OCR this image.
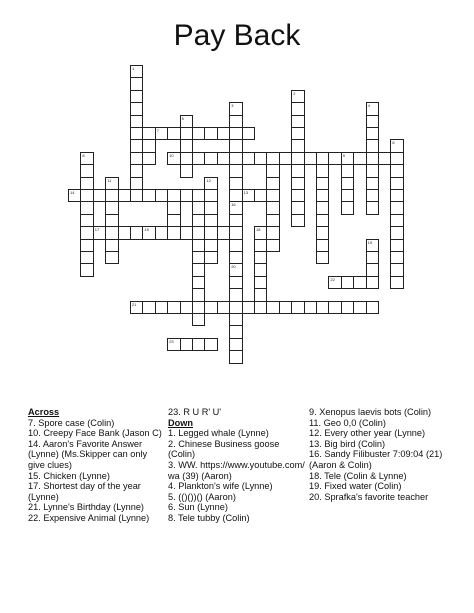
Pay Back
1
2
3
16
20
4
5
6
7
8	9
10
11	12
13
14
15
17	18
19
21
22
23
Across
7. Spore case (Colin)
10. Creepy Face Bank (Jason C)
14. Aaron's Favorite Answer (Lynne) (Ms.Skipper can only give clues)
15. Chicken (Lynne)
17. Shortest day of the year (Lynne)
21. Lynne's Birthday (Lynne)
22. Expensive Animal (Lynne)
23. R U R' U'
Down
1. Legged whale (Lynne)
2. Chinese Business goose (Colin)
3. WW. https://www.youtube.com/wa (39) (Aaron)
4. Plankton's wife (Lynne)
5. (()())() (Aaron)
6. Sun (Lynne)
8. Tele tubby (Colin)
9. Xenopus laevis bots (Colin)
11. Geo 0,0 (Colin)
12. Every other year (Lynne)
13. Big bird (Colin)
16. Sandy Filibuster 7:09:04 (21) (Aaron & Colin)
18. Tele (Colin & Lynne)
19. Fixed water (Colin)
20. Sprafka's favorite teacher
